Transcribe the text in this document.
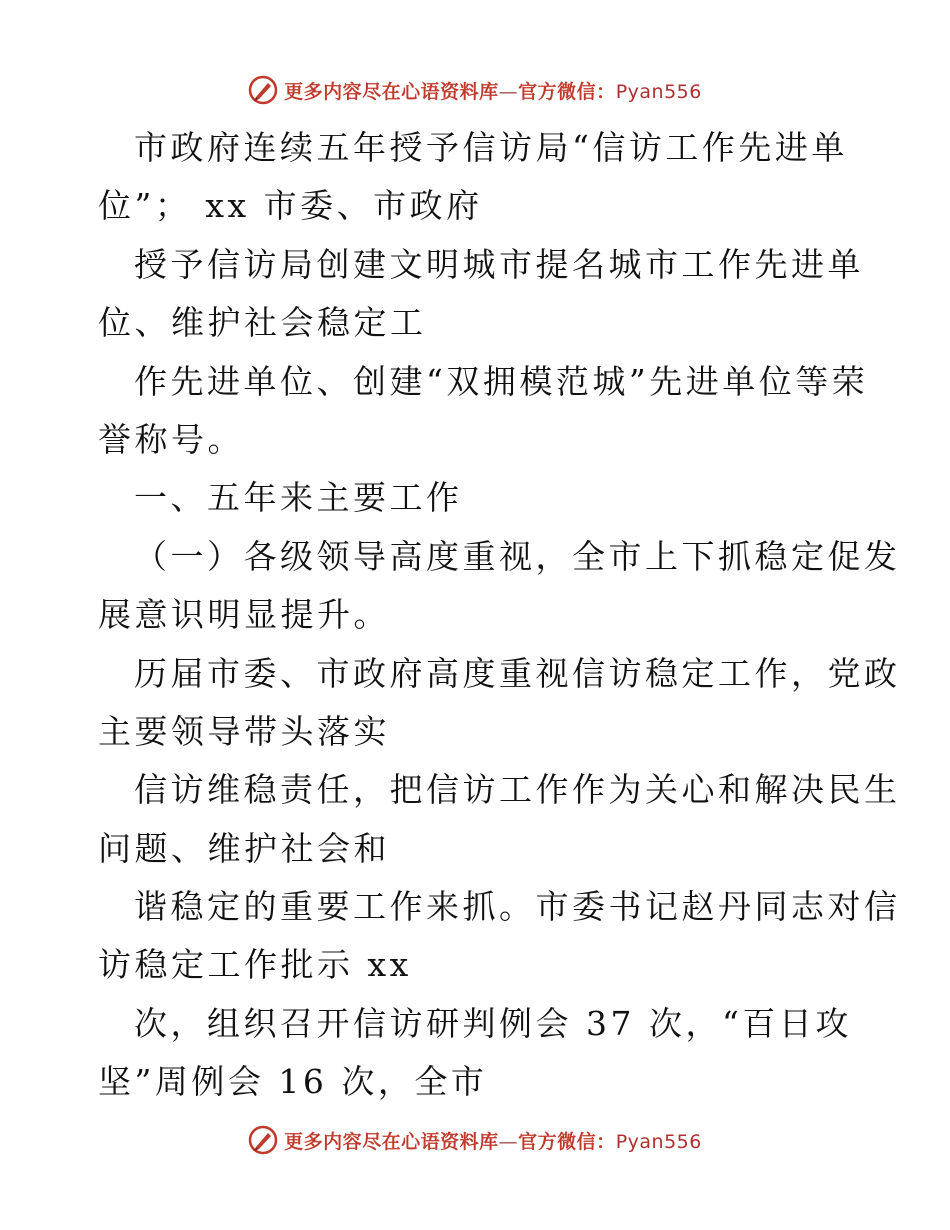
更多内容尽在心语资料库—官方微信：Pyan556
市政府连续五年授予信访局“信访工作先进单
位”； xx 市委、市政府
授予信访局创建文明城市提名城市工作先进单
位、维护社会稳定工
作先进单位、创建“双拥模范城”先进单位等荣
誉称号。
一、五年来主要工作
（一）各级领导高度重视，全市上下抓稳定促发
展意识明显提升。
历届市委、市政府高度重视信访稳定工作，党政
主要领导带头落实
信访维稳责任，把信访工作作为关心和解决民生
问题、维护社会和
谐稳定的重要工作来抓。市委书记赵丹同志对信
访稳定工作批示 xx
次，组织召开信访研判例会 37 次，“百日攻
坚”周例会 16 次，全市
更多内容尽在心语资料库—官方微信：Pyan556
